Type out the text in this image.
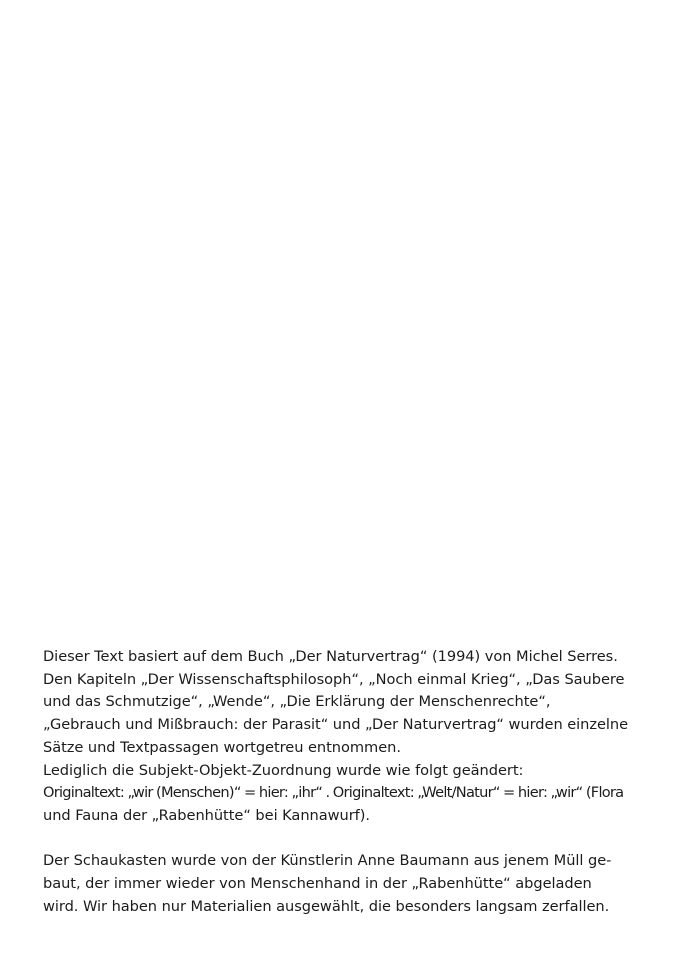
Dieser Text basiert auf dem Buch „Der Naturvertrag“ (1994) von Michel Serres.
Den Kapiteln „Der Wissenschaftsphilosoph“, „Noch einmal Krieg“, „Das Saubere
und das Schmutzige“, „Wende“, „Die Erklärung der Menschenrechte“,
„Gebrauch und Mißbrauch: der Parasit“ und „Der Naturvertrag“ wurden einzelne
Sätze und Textpassagen wortgetreu entnommen.
Lediglich die Subjekt-Objekt-Zuordnung wurde wie folgt geändert:
Originaltext: „wir (Menschen)“ = hier: „ihr“ . Originaltext: „Welt/Natur“ = hier: „wir“ (Flora
und Fauna der „Rabenhütte“ bei Kannawurf).
Der Schaukasten wurde von der Künstlerin Anne Baumann aus jenem Müll ge-
baut, der immer wieder von Menschenhand in der „Rabenhütte“ abgeladen
wird. Wir haben nur Materialien ausgewählt, die besonders langsam zerfallen.
